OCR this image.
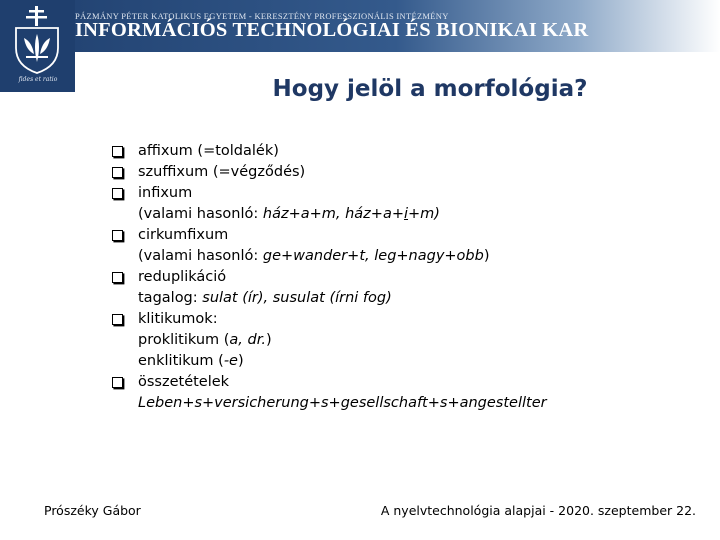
fides et ratio
PÁZMÁNY PÉTER KATOLIKUS EGYETEM - KERESZTÉNY PROFESSZIONÁLIS INTÉZMÉNY
INFORMÁCIÓS TECHNOLÓGIAI ÉS BIONIKAI KAR
Hogy jelöl a morfológia?
affixum (=toldalék)
szuffixum (=végződés)
infixum
(valami hasonló: ház+a+m, ház+a+i+m)
cirkumfixum
(valami hasonló: ge+wander+t, leg+nagy+obb)
reduplikáció
tagalog: sulat (ír), susulat (írni fog)
klitikumok:
proklitikum (a, dr.)
enklitikum (-e)
összetételek
Leben+s+versicherung+s+gesellschaft+s+angestellter
Prószéky Gábor	A nyelvtechnológia alapjai - 2020. szeptember 22.
